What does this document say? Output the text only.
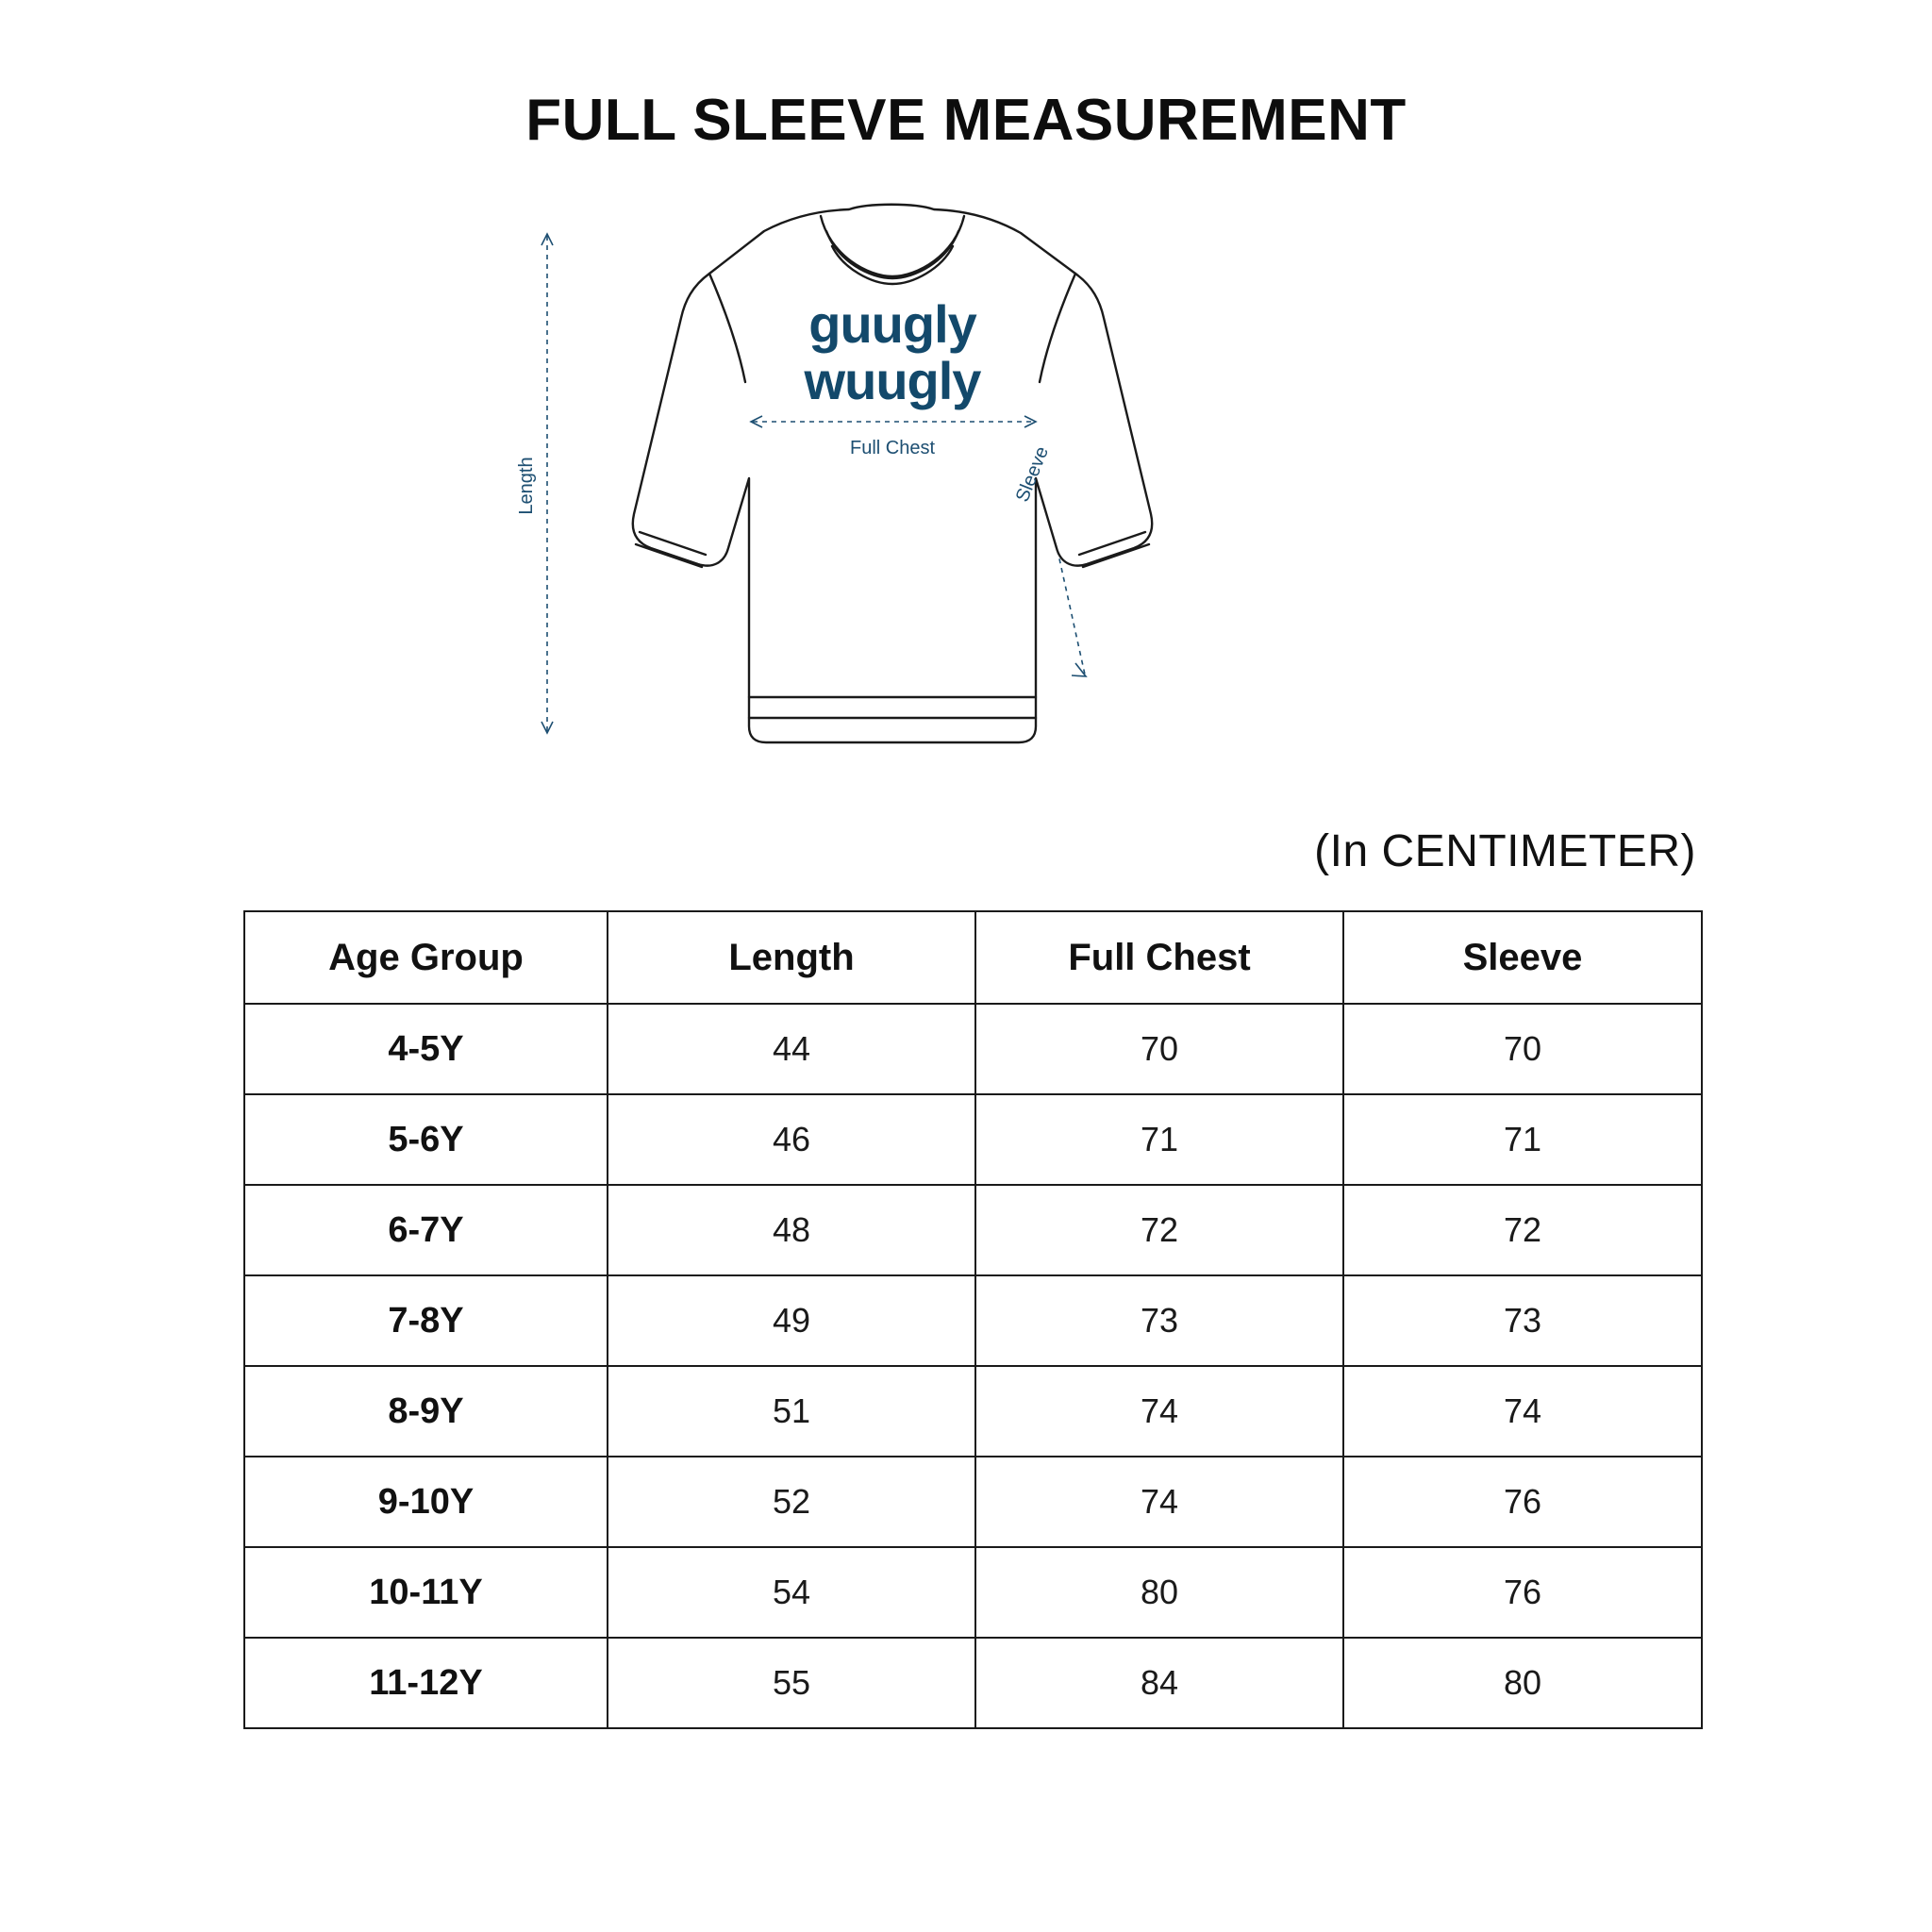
FULL SLEEVE MEASUREMENT
guugly
wuugly
Length
Full Chest	Sleeve
(In CENTIMETER)
Age Group	Length	Full Chest	Sleeve
4-5Y	44	70	70
5-6Y	46	71	71
6-7Y	48	72	72
7-8Y	49	73	73
8-9Y	51	74	74
9-10Y	52	74	76
10-11Y	54	80	76
11-12Y	55	84	80
